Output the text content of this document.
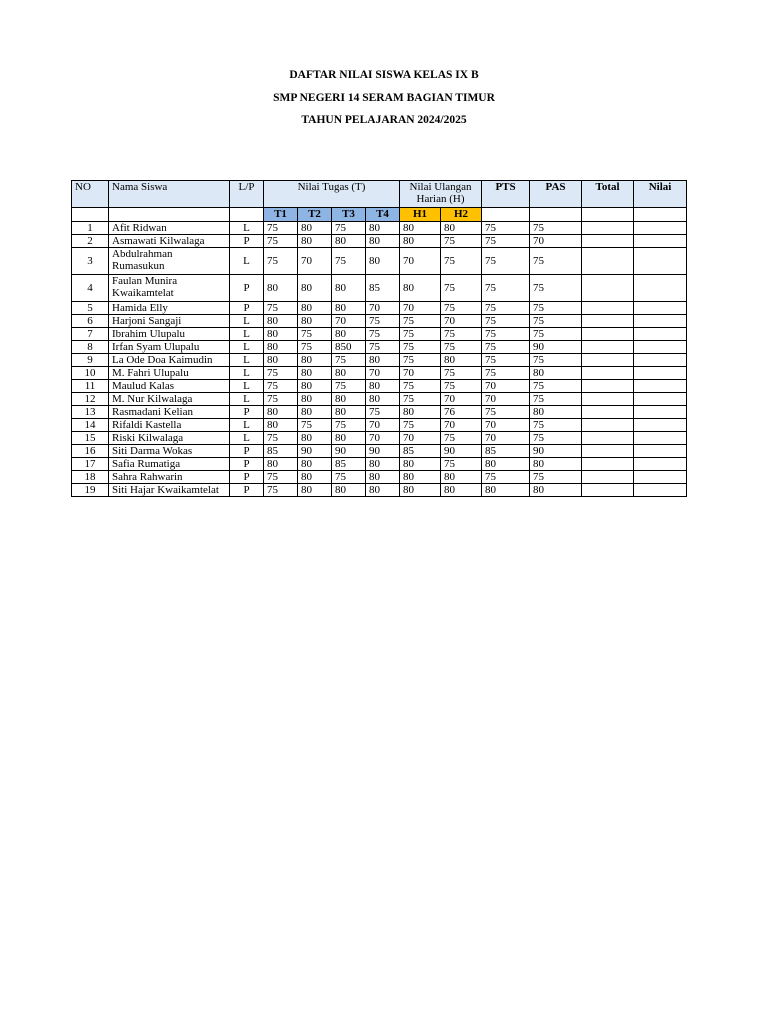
DAFTAR NILAI SISWA KELAS IX B
SMP NEGERI 14 SERAM BAGIAN TIMUR
TAHUN PELAJARAN 2024/2025
NO	Nama Siswa	L/P	Nilai Tugas (T)				Nilai Ulangan Harian (H)		PTS	PAS	Total	Nilai
			T1	T2	T3	T4	H1	H2				
1	Afit Ridwan	L	75	80	75	80	80	80	75	75		
2	Asmawati Kilwalaga	P	75	80	80	80	80	75	75	70		
3	Abdulrahman Rumasukun	L	75	70	75	80	70	75	75	75		
4	Faulan Munira Kwaikamtelat	P	80	80	80	85	80	75	75	75		
5	Hamida Elly	P	75	80	80	70	70	75	75	75		
6	Harjoni Sangaji	L	80	80	70	75	75	70	75	75		
7	Ibrahim Ulupalu	L	80	75	80	75	75	75	75	75		
8	Irfan Syam Ulupalu	L	80	75	850	75	75	75	75	90		
9	La Ode Doa Kaimudin	L	80	80	75	80	75	80	75	75		
10	M. Fahri Ulupalu	L	75	80	80	70	70	75	75	80		
11	Maulud Kalas	L	75	80	75	80	75	75	70	75		
12	M. Nur Kilwalaga	L	75	80	80	80	75	70	70	75		
13	Rasmadani Kelian	P	80	80	80	75	80	76	75	80		
14	Rifaldi Kastella	L	80	75	75	70	75	70	70	75		
15	Riski Kilwalaga	L	75	80	80	70	70	75	70	75		
16	Siti Darma Wokas	P	85	90	90	90	85	90	85	90		
17	Safia Rumatiga	P	80	80	85	80	80	75	80	80		
18	Sahra Rahwarin	P	75	80	75	80	80	80	75	75		
19	Siti Hajar Kwaikamtelat	P	75	80	80	80	80	80	80	80		
